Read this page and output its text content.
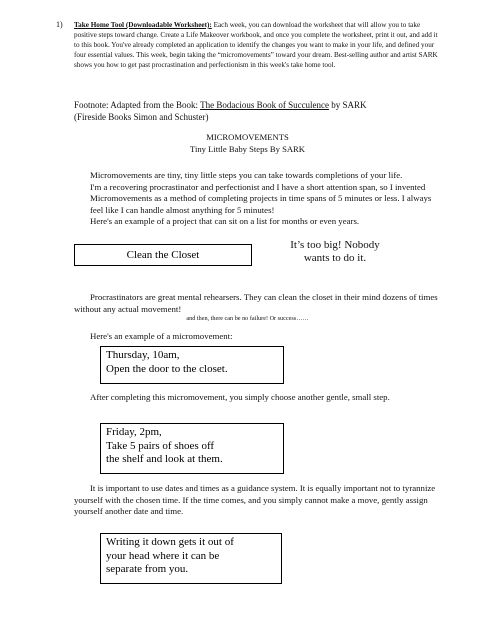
1) Take Home Tool (Downloadable Worksheet): Each week, you can download the worksheet that will allow you to take positive steps toward change. Create a Life Makeover workbook, and once you complete the worksheet, print it out, and add it to this book. You've already completed an application to identify the changes you want to make in your life, and defined your four essential values. This week, begin taking the “micromovements” toward your dream. Best-selling author and artist SARK shows you how to get past procrastination and perfectionism in this week's take home tool.
Footnote: Adapted from the Book: The Bodacious Book of Succulence by SARK
(Fireside Books Simon and Schuster)
MICROMOVEMENTS
Tiny Little Baby Steps By SARK
Micromovements are tiny, tiny little steps you can take towards completions of your life.
I'm a recovering procrastinator and perfectionist and I have a short attention span, so I invented Micromovements as a method of completing projects in time spans of 5 minutes or less. I always feel like I can handle almost anything for 5 minutes!
Here's an example of a project that can sit on a list for months or even years.
Clean the Closet
It’s too big! Nobody
wants to do it.
Procrastinators are great mental rehearsers. They can clean the closet in their mind dozens of times without any actual movement!
and then, there can be no failure! Or success……
Here's an example of a micromovement:
Thursday, 10am,
Open the door to the closet.
After completing this micromovement, you simply choose another gentle, small step.
Friday, 2pm,
Take 5 pairs of shoes off
the shelf and look at them.
It is important to use dates and times as a guidance system. It is equally important not to tyrannize yourself with the chosen time. If the time comes, and you simply cannot make a move, gently assign yourself another date and time.
Writing it down gets it out of
your head where it can be
separate from you.
